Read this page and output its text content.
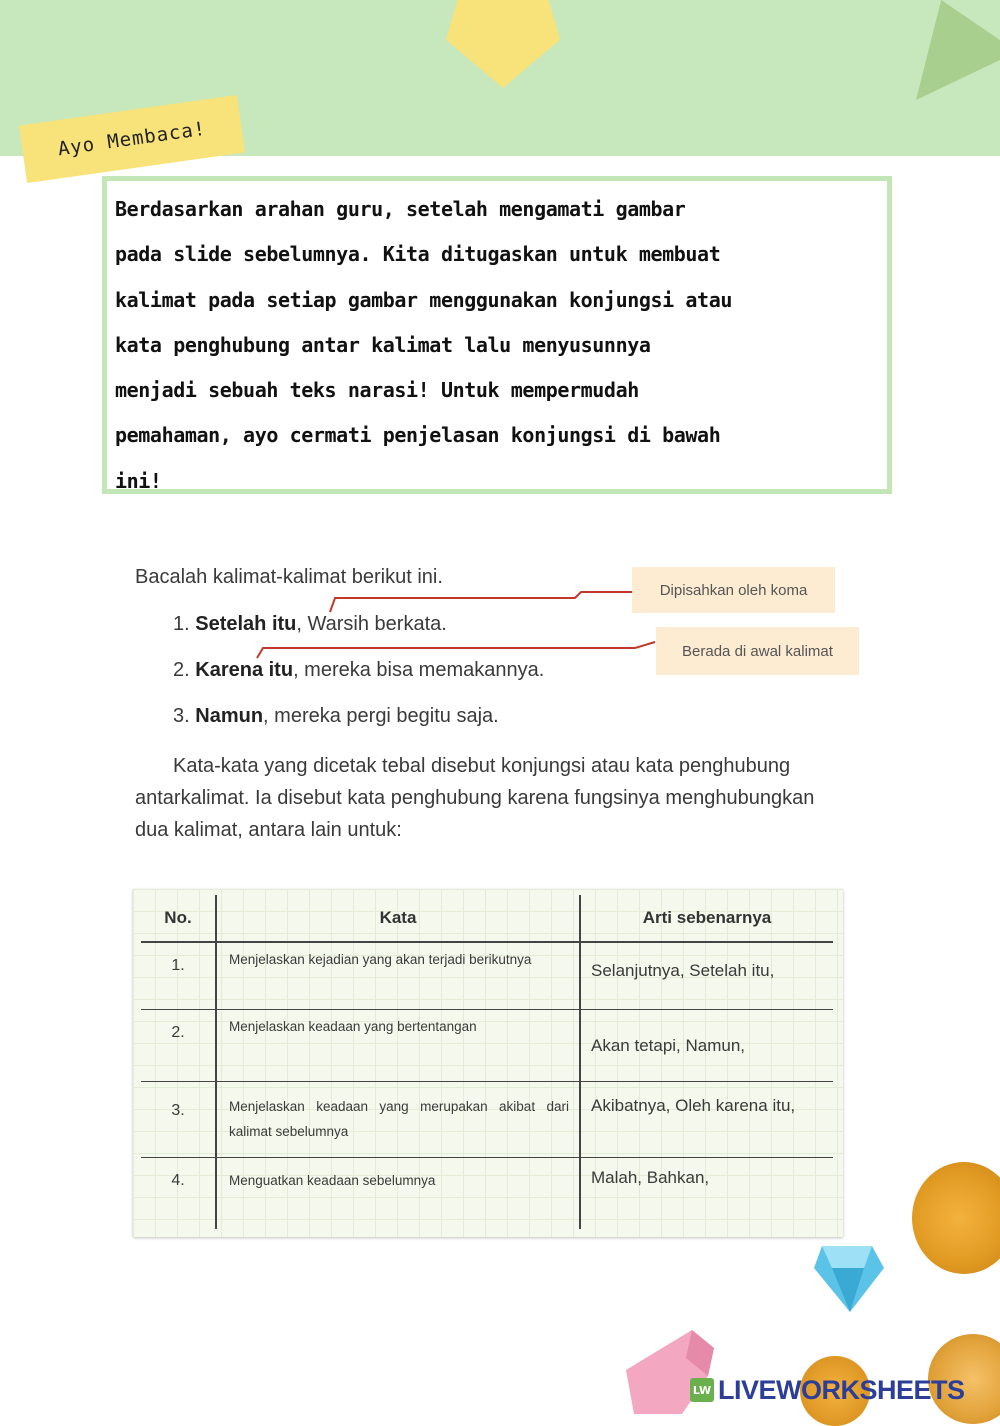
Ayo Membaca!

Berdasarkan arahan guru, setelah mengamati gambar

pada slide sebelumnya. Kita ditugaskan untuk membuat

kalimat pada setiap gambar menggunakan konjungsi atau

kata penghubung antar kalimat lalu menyusunnya

menjadi sebuah teks narasi! Untuk mempermudah

pemahaman, ayo cermati penjelasan konjungsi di bawah

ini!

Bacalah kalimat-kalimat berikut ini.
1. Setelah itu, Warsih berkata.
2. Karena itu, mereka bisa memakannya.
3. Namun, mereka pergi begitu saja.
Dipisahkan oleh koma
Berada di awal kalimat

Kata-kata yang dicetak tebal disebut konjungsi atau kata penghubung antarkalimat. Ia disebut kata penghubung karena fungsinya menghubungkan dua kalimat, antara lain untuk:

No.	Kata	Arti sebenarnya
1.	Menjelaskan kejadian yang akan terjadi berikutnya	Selanjutnya, Setelah itu,
2.	Menjelaskan keadaan yang bertentangan	Akan tetapi, Namun,
3.	Menjelaskan keadaan yang merupakan akibat dari kalimat sebelumnya	Akibatnya, Oleh karena itu,
4.	Menguatkan keadaan sebelumnya	Malah, Bahkan,
LW LIVEWORKSHEETS
